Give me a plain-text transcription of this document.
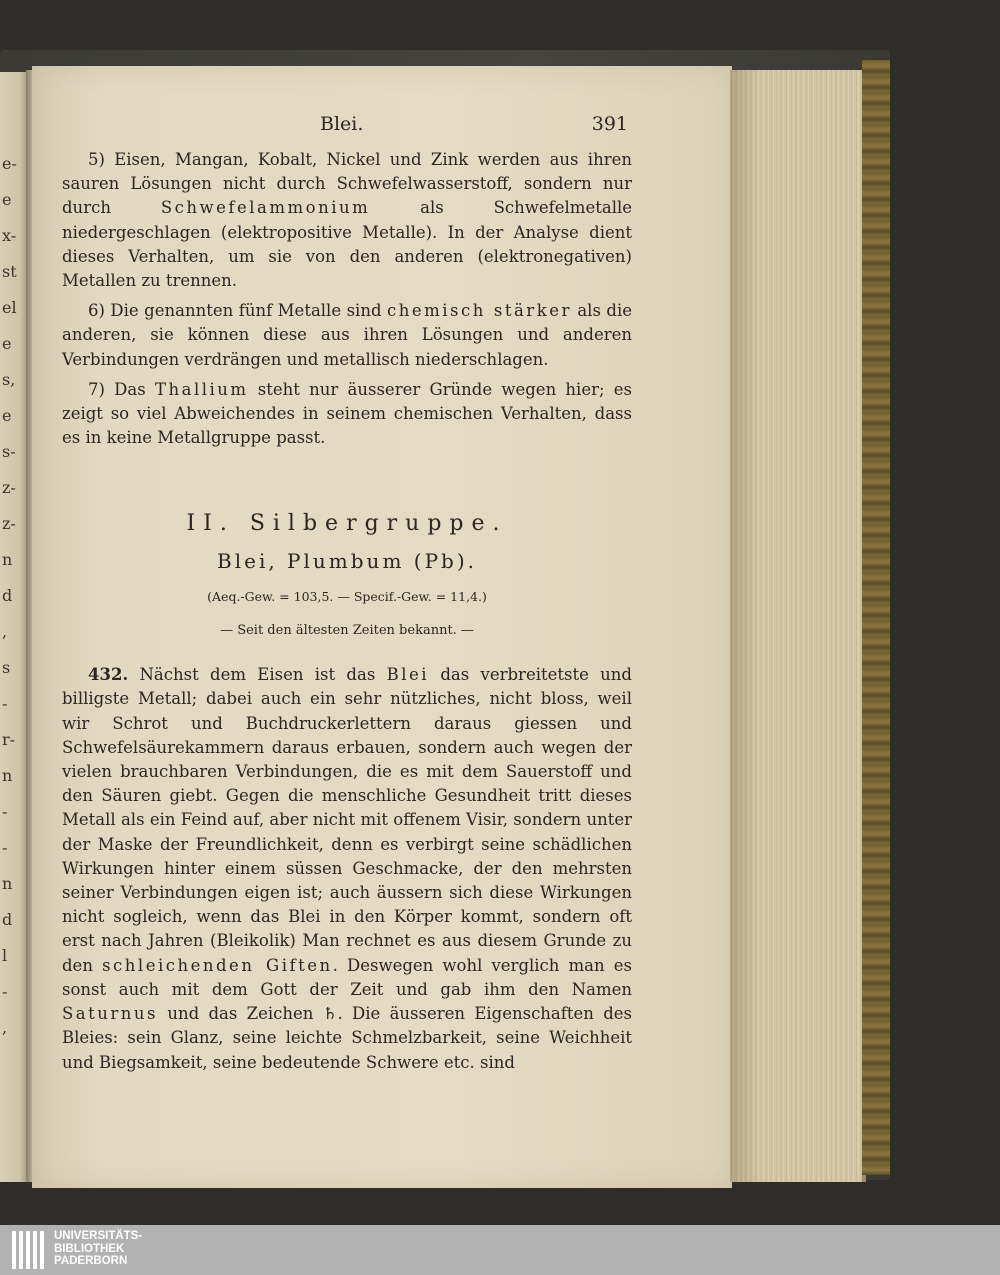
e-
e
x-
st
el
e
s,
e
s-
z-
z-
n
d
,
s
-
r-
n
-
-
n
d
l
-
,
Blei.	391

5) Eisen, Mangan, Kobalt, Nickel und Zink werden aus ihren sauren Lösungen nicht durch Schwefelwasserstoff, sondern nur durch	Schwefelammonium	als Schwefelmetalle niedergeschlagen (elektropositive Metalle). In der Analyse dient dieses Verhalten, um sie von den anderen (elektronegativen) Metallen zu trennen.

6) Die genannten fünf Metalle sind chemisch stärker als die anderen, sie können diese aus ihren Lösungen und anderen Verbindungen verdrängen und metallisch niederschlagen.

7) Das Thallium steht nur äusserer Gründe wegen hier; es zeigt so viel Abweichendes in seinem chemischen Verhalten, dass es in keine Metallgruppe passt.

II. Silbergruppe.
Blei, Plumbum (Pb).
(Aeq.-Gew. = 103,5. — Specif.-Gew. = 11,4.)
— Seit den ältesten Zeiten bekannt. —

432. Nächst dem Eisen ist das Blei das verbreitetste und billigste Metall; dabei auch ein sehr nützliches, nicht bloss, weil wir Schrot und Buchdruckerlettern daraus giessen und Schwefelsäurekammern daraus erbauen, sondern auch wegen der vielen brauchbaren Verbindungen, die es mit dem Sauerstoff und den Säuren giebt. Gegen die menschliche Gesundheit tritt dieses Metall als ein Feind auf, aber nicht mit offenem Visir, sondern unter der Maske der Freundlichkeit, denn es verbirgt seine schädlichen Wirkungen hinter einem süssen Geschmacke, der den mehrsten seiner Verbindungen eigen ist; auch äussern sich diese Wirkungen nicht sogleich, wenn das Blei in den Körper kommt, sondern oft erst nach Jahren (Bleikolik) Man rechnet es aus diesem Grunde zu den schleichenden Giften. Deswegen wohl verglich man es sonst auch mit dem Gott der Zeit und gab ihm den Namen Saturnus und das Zeichen ♄. Die äusseren Eigenschaften des Bleies: sein Glanz, seine leichte Schmelzbarkeit, seine Weichheit und Biegsamkeit, seine bedeutende Schwere etc. sind

UNIVERSITÄTS-
BIBLIOTHEK
PADERBORN
